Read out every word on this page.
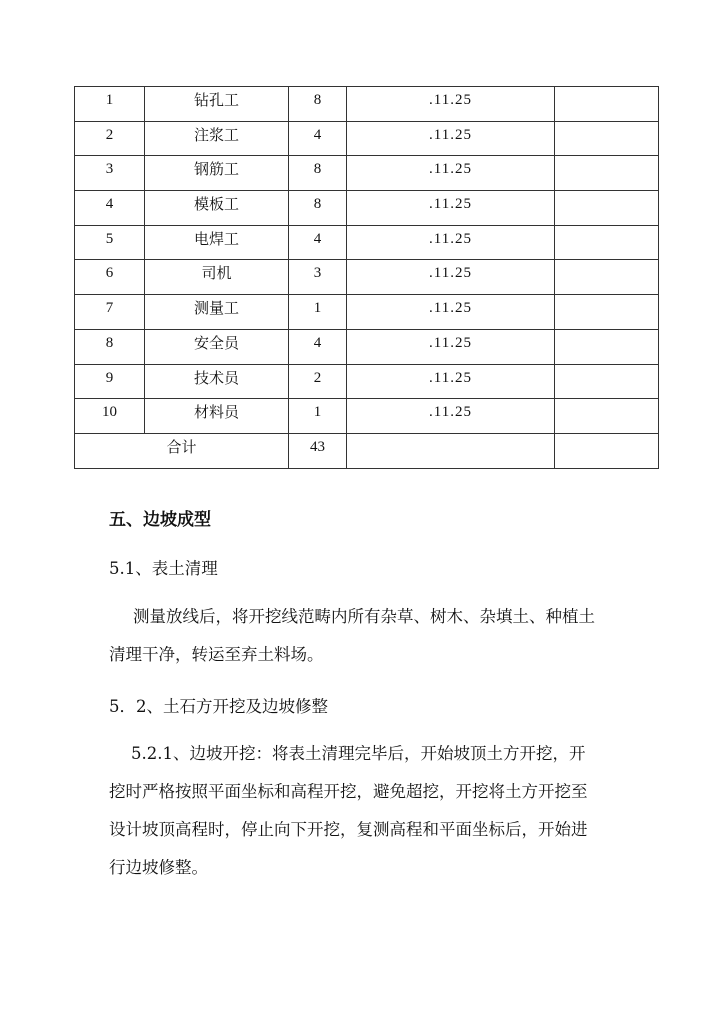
1	钻孔工	8	.11.25	
2	注浆工	4	.11.25	
3	钢筋工	8	.11.25	
4	模板工	8	.11.25	
5	电焊工	4	.11.25	
6	司机	3	.11.25	
7	测量工	1	.11.25	
8	安全员	4	.11.25	
9	技术员	2	.11.25	
10	材料员	1	.11.25	
合计		43		
五、边坡成型
5.1、表土清理
测量放线后，将开挖线范畴内所有杂草、树木、杂填土、种植土
清理干净，转运至弃土料场。
5．2、土石方开挖及边坡修整
5.2.1、边坡开挖：将表土清理完毕后，开始坡顶土方开挖，开
挖时严格按照平面坐标和高程开挖，避免超挖，开挖将土方开挖至
设计坡顶高程时，停止向下开挖，复测高程和平面坐标后，开始进
行边坡修整。
